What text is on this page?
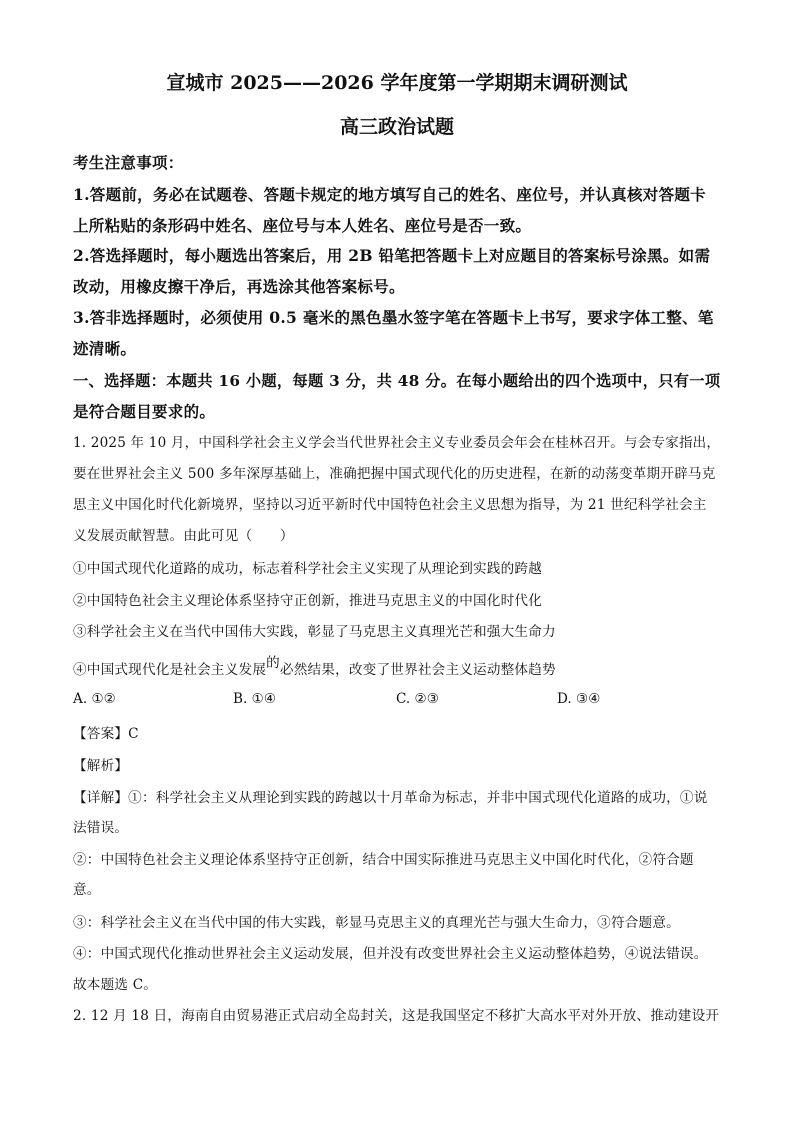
宣城市 2025——2026 学年度第一学期期末调研测试
高三政治试题
考生注意事项：
1.答题前，务必在试题卷、答题卡规定的地方填写自己的姓名、座位号，并认真核对答题卡
上所粘贴的条形码中姓名、座位号与本人姓名、座位号是否一致。
2.答选择题时，每小题选出答案后，用 2B 铅笔把答题卡上对应题目的答案标号涂黑。如需
改动，用橡皮擦干净后，再选涂其他答案标号。
3.答非选择题时，必须使用 0.5 毫米的黑色墨水签字笔在答题卡上书写，要求字体工整、笔
迹清晰。
一、选择题：本题共 16 小题，每题 3 分，共 48 分。在每小题给出的四个选项中，只有一项
是符合题目要求的。
1. 2025 年 10 月，中国科学社会主义学会当代世界社会主义专业委员会年会在桂林召开。与会专家指出，
要在世界社会主义 500 多年深厚基础上，准确把握中国式现代化的历史进程，在新的动荡变革期开辟马克
思主义中国化时代化新境界，坚持以习近平新时代中国特色社会主义思想为指导，为 21 世纪科学社会主
义发展贡献智慧。由此可见（　　）
①中国式现代化道路的成功，标志着科学社会主义实现了从理论到实践的跨越
②中国特色社会主义理论体系坚持守正创新，推进马克思主义的中国化时代化
③科学社会主义在当代中国伟大实践，彰显了马克思主义真理光芒和强大生命力
④中国式现代化是社会主义发展的必然结果，改变了世界社会主义运动整体趋势
A. ①②	B. ①④	C. ②③	D. ③④
【答案】C
【解析】
【详解】①：科学社会主义从理论到实践的跨越以十月革命为标志，并非中国式现代化道路的成功，①说
法错误。
②：中国特色社会主义理论体系坚持守正创新，结合中国实际推进马克思主义中国化时代化，②符合题
意。
③：科学社会主义在当代中国的伟大实践，彰显马克思主义的真理光芒与强大生命力，③符合题意。
④：中国式现代化推动世界社会主义运动发展，但并没有改变世界社会主义运动整体趋势，④说法错误。
故本题选 C。
2. 12 月 18 日，海南自由贸易港正式启动全岛封关，这是我国坚定不移扩大高水平对外开放、推动建设开
